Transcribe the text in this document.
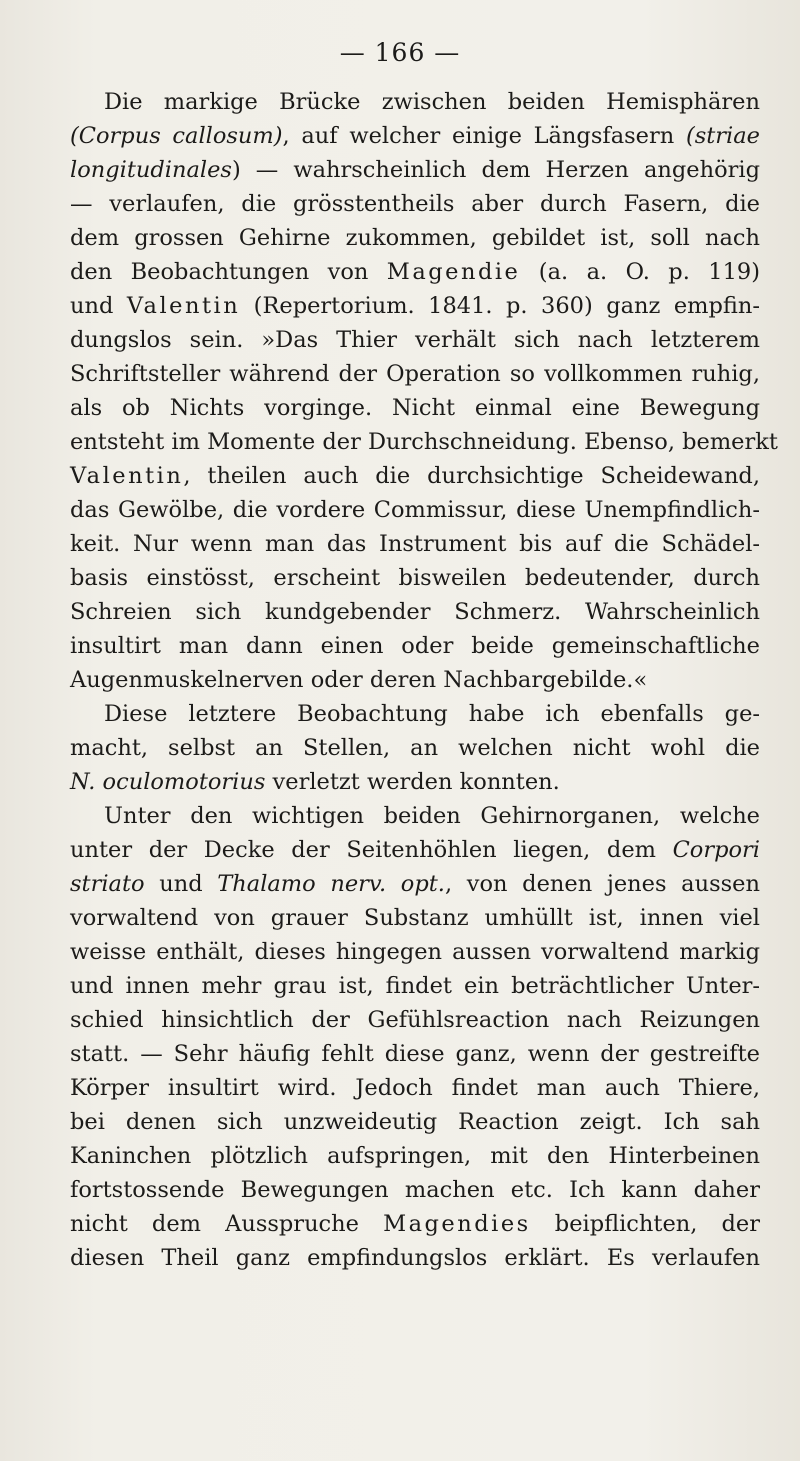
— 166 —
Die markige Brücke zwischen beiden Hemisphären
(Corpus callosum), auf welcher einige Längsfasern (striae
longitudinales) — wahrscheinlich dem Herzen angehörig
— verlaufen, die grösstentheils aber durch Fasern, die
dem grossen Gehirne zukommen, gebildet ist, soll nach
den Beobachtungen von Magendie (a. a. O. p. 119)
und Valentin (Repertorium. 1841. p. 360) ganz empfin-
dungslos sein. »Das Thier verhält sich nach letzterem
Schriftsteller während der Operation so vollkommen ruhig,
als ob Nichts vorginge. Nicht einmal eine Bewegung
entsteht im Momente der Durchschneidung. Ebenso, bemerkt
Valentin, theilen auch die durchsichtige Scheidewand,
das Gewölbe, die vordere Commissur, diese Unempfindlich-
keit. Nur wenn man das Instrument bis auf die Schädel-
basis einstösst, erscheint bisweilen bedeutender, durch
Schreien sich kundgebender Schmerz. Wahrscheinlich
insultirt man dann einen oder beide gemeinschaftliche
Augenmuskelnerven oder deren Nachbargebilde.«
Diese letztere Beobachtung habe ich ebenfalls ge-
macht, selbst an Stellen, an welchen nicht wohl die
N. oculomotorius verletzt werden konnten.
Unter den wichtigen beiden Gehirnorganen, welche
unter der Decke der Seitenhöhlen liegen, dem Corpori
striato und Thalamo nerv. opt., von denen jenes aussen
vorwaltend von grauer Substanz umhüllt ist, innen viel
weisse enthält, dieses hingegen aussen vorwaltend markig
und innen mehr grau ist, findet ein beträchtlicher Unter-
schied hinsichtlich der Gefühlsreaction nach Reizungen
statt. — Sehr häufig fehlt diese ganz, wenn der gestreifte
Körper insultirt wird. Jedoch findet man auch Thiere,
bei denen sich unzweideutig Reaction zeigt. Ich sah
Kaninchen plötzlich aufspringen, mit den Hinterbeinen
fortstossende Bewegungen machen etc. Ich kann daher
nicht dem Ausspruche Magendies beipflichten, der
diesen Theil ganz empfindungslos erklärt. Es verlaufen
